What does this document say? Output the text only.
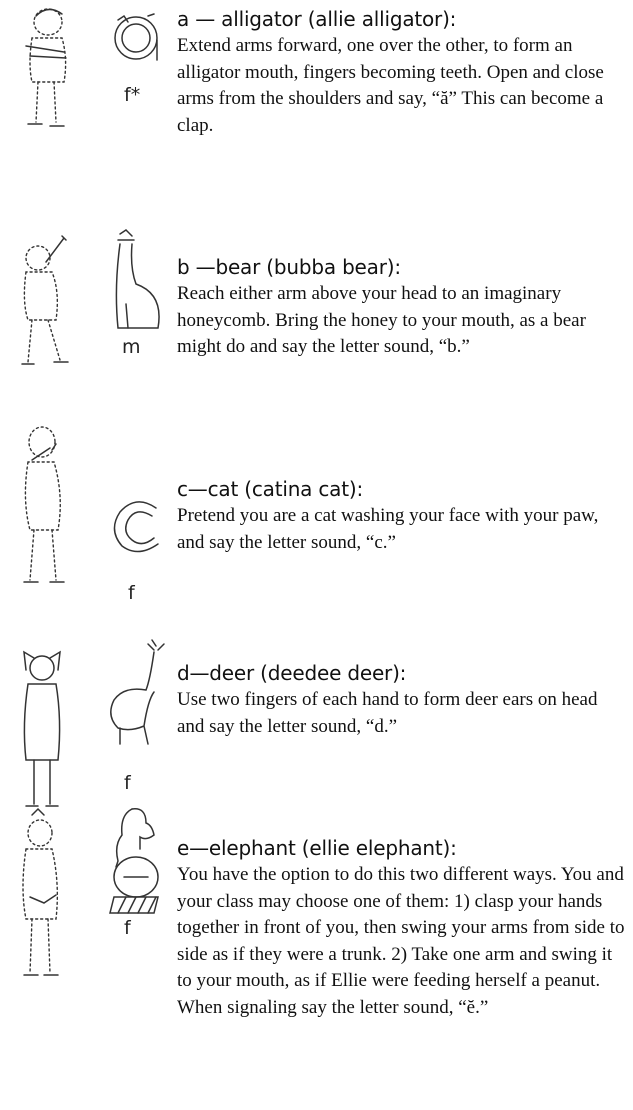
f*
a — alligator (allie alligator):
Extend arms forward, one over the other, to form an alligator mouth, fingers becoming teeth. Open and close arms from the shoulders and say, “ă” This can become a clap.
m
b —bear (bubba bear):
Reach either arm above your head to an imaginary honeycomb. Bring the honey to your mouth, as a bear might do and say the letter sound, “b.”
f
c—cat (catina cat):
Pretend you are a cat washing your face with your paw, and say the letter sound, “c.”
f
d—deer (deedee deer):
Use two fingers of each hand to form deer ears on head and say the letter sound, “d.”
f
e—elephant (ellie elephant):
You have the option to do this two different ways. You and your class may choose one of them: 1) clasp your hands together in front of you, then swing your arms from side to side as if they were a trunk. 2) Take one arm and swing it to your mouth, as if Ellie were feeding herself a peanut. When signaling say the letter sound, “ĕ.”
